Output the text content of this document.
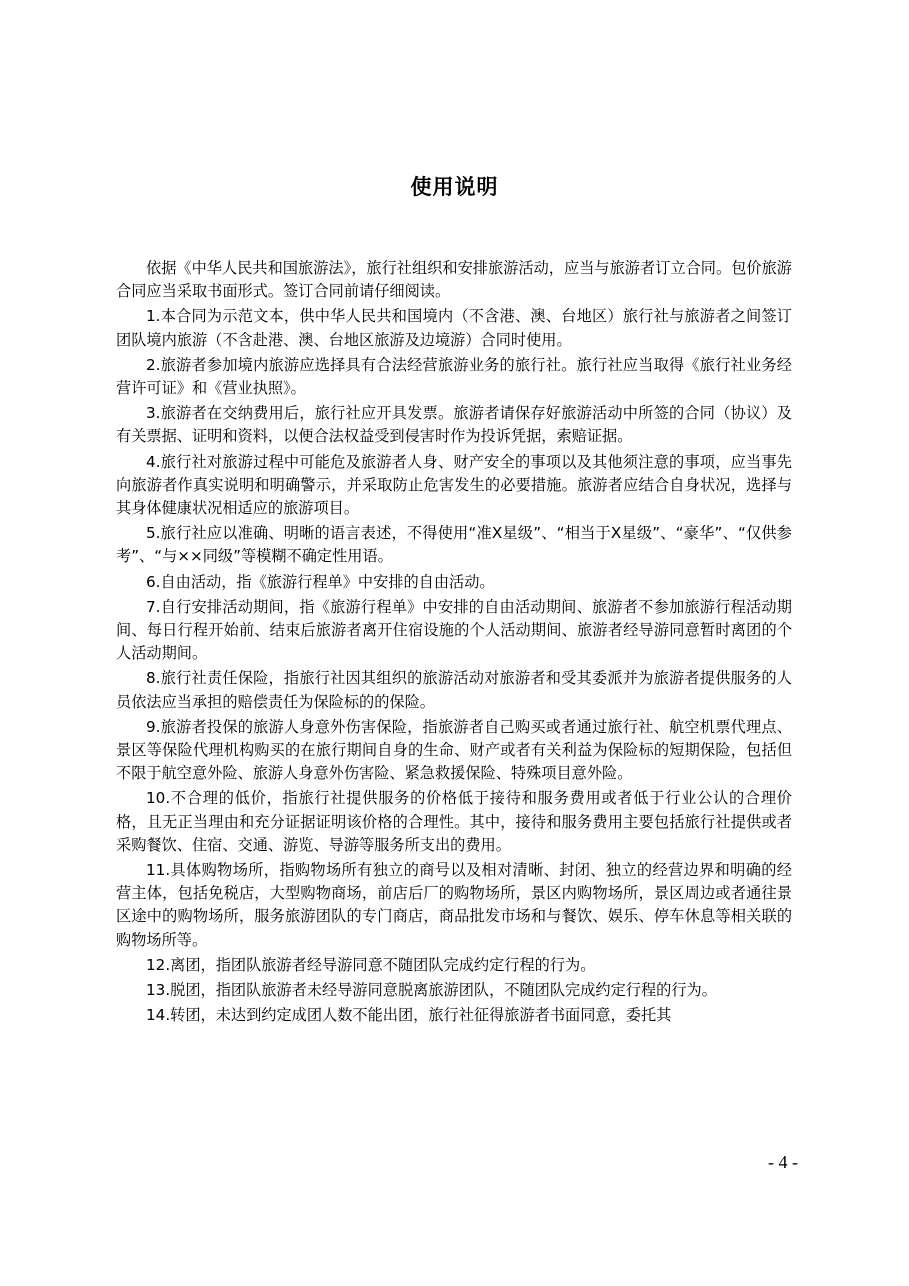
使用说明

依据《中华人民共和国旅游法》，旅行社组织和安排旅游活动，应当与旅游者订立合同。包价旅游合同应当采取书面形式。签订合同前请仔细阅读。

1.本合同为示范文本，供中华人民共和国境内（不含港、澳、台地区）旅行社与旅游者之间签订团队境内旅游（不含赴港、澳、台地区旅游及边境游）合同时使用。

2.旅游者参加境内旅游应选择具有合法经营旅游业务的旅行社。旅行社应当取得《旅行社业务经营许可证》和《营业执照》。

3.旅游者在交纳费用后，旅行社应开具发票。旅游者请保存好旅游活动中所签的合同（协议）及有关票据、证明和资料，以便合法权益受到侵害时作为投诉凭据，索赔证据。

4.旅行社对旅游过程中可能危及旅游者人身、财产安全的事项以及其他须注意的事项，应当事先向旅游者作真实说明和明确警示，并采取防止危害发生的必要措施。旅游者应结合自身状况，选择与其身体健康状况相适应的旅游项目。

5.旅行社应以准确、明晰的语言表述，不得使用“准X星级”、“相当于X星级”、“豪华”、“仅供参考”、“与××同级”等模糊不确定性用语。

6.自由活动，指《旅游行程单》中安排的自由活动。

7.自行安排活动期间，指《旅游行程单》中安排的自由活动期间、旅游者不参加旅游行程活动期间、每日行程开始前、结束后旅游者离开住宿设施的个人活动期间、旅游者经导游同意暂时离团的个人活动期间。

8.旅行社责任保险，指旅行社因其组织的旅游活动对旅游者和受其委派并为旅游者提供服务的人员依法应当承担的赔偿责任为保险标的的保险。

9.旅游者投保的旅游人身意外伤害保险，指旅游者自己购买或者通过旅行社、航空机票代理点、景区等保险代理机构购买的在旅行期间自身的生命、财产或者有关利益为保险标的短期保险，包括但不限于航空意外险、旅游人身意外伤害险、紧急救援保险、特殊项目意外险。

10.不合理的低价，指旅行社提供服务的价格低于接待和服务费用或者低于行业公认的合理价格，且无正当理由和充分证据证明该价格的合理性。其中，接待和服务费用主要包括旅行社提供或者采购餐饮、住宿、交通、游览、导游等服务所支出的费用。

11.具体购物场所，指购物场所有独立的商号以及相对清晰、封闭、独立的经营边界和明确的经营主体，包括免税店，大型购物商场，前店后厂的购物场所，景区内购物场所，景区周边或者通往景区途中的购物场所，服务旅游团队的专门商店，商品批发市场和与餐饮、娱乐、停车休息等相关联的购物场所等。

12.离团，指团队旅游者经导游同意不随团队完成约定行程的行为。

13.脱团，指团队旅游者未经导游同意脱离旅游团队，不随团队完成约定行程的行为。

14.转团，未达到约定成团人数不能出团，旅行社征得旅游者书面同意，委托其

- 4 -
